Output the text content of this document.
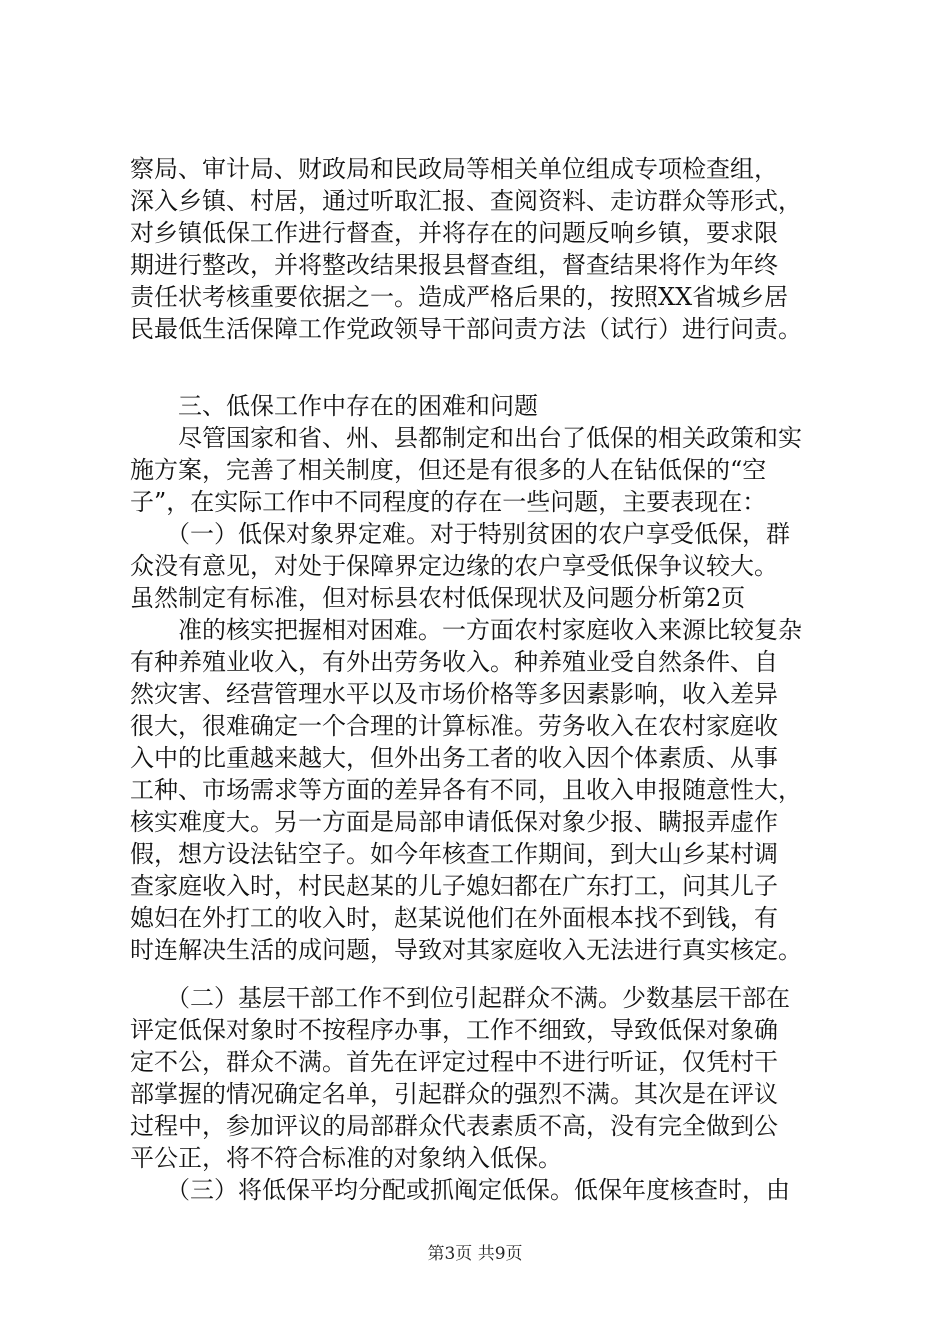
察局、审计局、财政局和民政局等相关单位组成专项检查组，
深入乡镇、村居，通过听取汇报、查阅资料、走访群众等形式，
对乡镇低保工作进行督查，并将存在的问题反响乡镇，要求限
期进行整改，并将整改结果报县督查组，督查结果将作为年终
责任状考核重要依据之一。造成严格后果的，按照XX省城乡居
民最低生活保障工作党政领导干部问责方法（试行）进行问责。
　　三、低保工作中存在的困难和问题
　　尽管国家和省、州、县都制定和出台了低保的相关政策和实
施方案，完善了相关制度，但还是有很多的人在钻低保的“空
子”，在实际工作中不同程度的存在一些问题，主要表现在：
　　（一）低保对象界定难。对于特别贫困的农户享受低保，群
众没有意见，对处于保障界定边缘的农户享受低保争议较大。
虽然制定有标准，但对标县农村低保现状及问题分析第2页
　　准的核实把握相对困难。一方面农村家庭收入来源比较复杂
有种养殖业收入，有外出劳务收入。种养殖业受自然条件、自
然灾害、经营管理水平以及市场价格等多因素影响，收入差异
很大，很难确定一个合理的计算标准。劳务收入在农村家庭收
入中的比重越来越大，但外出务工者的收入因个体素质、从事
工种、市场需求等方面的差异各有不同，且收入申报随意性大，
核实难度大。另一方面是局部申请低保对象少报、瞒报弄虚作
假，想方设法钻空子。如今年核查工作期间，到大山乡某村调
查家庭收入时，村民赵某的儿子媳妇都在广东打工，问其儿子
媳妇在外打工的收入时，赵某说他们在外面根本找不到钱，有
时连解决生活的成问题，导致对其家庭收入无法进行真实核定。
　　（二）基层干部工作不到位引起群众不满。少数基层干部在
评定低保对象时不按程序办事，工作不细致，导致低保对象确
定不公，群众不满。首先在评定过程中不进行听证，仅凭村干
部掌握的情况确定名单，引起群众的强烈不满。其次是在评议
过程中，参加评议的局部群众代表素质不高，没有完全做到公
平公正，将不符合标准的对象纳入低保。
　　（三）将低保平均分配或抓阄定低保。低保年度核查时，由
第3页 共9页
